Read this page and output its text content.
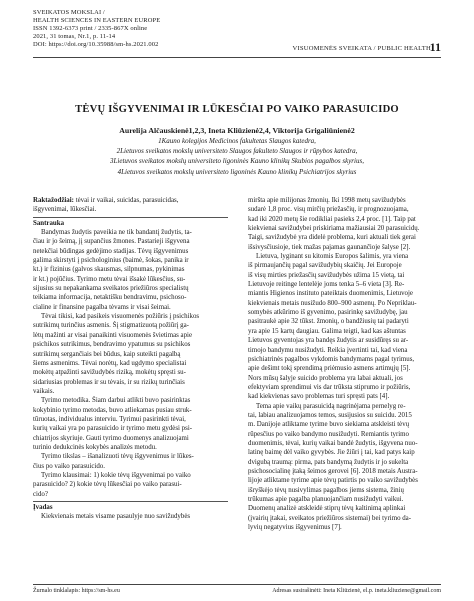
SVEIKATOS MOKSLAI /
HEALTH SCIENCES IN EASTERN EUROPE
ISSN 1392-6373 print / 2335-867X online
2021, 31 tomas, Nr.1, p. 11-14
DOI: https://doi.org/10.35988/sm-hs.2021.002
VISUOMENĖS SVEIKATA / PUBLIC HEALTH
11
TĖVŲ IŠGYVENIMAI IR LŪKESČIAI PO VAIKO PARASUICIDO
Aurelija Alčauskienė1,2,3, Ineta Kliūzienė2,4, Viktorija Grigaliūnienė2
1Kauno kolegijos Medicinos fakultetas Slaugos katedra,
2Lietuvos sveikatos mokslų universiteto Slaugos fakulteto Slaugos ir rūpybos katedra,
3Lietuvos sveikatos mokslų universiteto ligoninės Kauno klinikų Skubios pagalbos skyrius,
4Lietuvos sveikatos mokslų universiteto ligoninės Kauno klinikų Psichiatrijos skyrius

Raktažodžiai: tėvai ir vaikai, suicidas, parasuicidas,

išgyvenimai, lūkesčiai.

Santrauka

Bandymas žudytis paveikia ne tik bandantį žudytis, ta-

čiau ir jo šeimą, jį supančius žmones. Pastarieji išgyvena

netekčiai būdingas gedėjimo stadijas. Tėvų išgyvenimus

galima skirstyti į psichologinius (baimė, šokas, panika ir

kt.) ir fizinius (galvos skausmas, silpnumas, pykinimas

ir kt.) pojūčius. Tyrimo metu tėvai išsakė lūkesčius, su-

sijusius su nepakankama sveikatos priežiūros specialistų

teikiama informacija, netaktišku bendravimu, psichoso-

cialine ir finansine pagalba tėvams ir visai šeimai.

Tėvai tikisi, kad pasikeis visuomenės požiūris į psichikos

sutrikimų turinčius asmenis. Šį stigmatizuotą požiūrį ga-

lėtų mažinti ar visai panaikinti visuomenės švietimas apie

psichikos sutrikimus, bendravimo ypatumus su psichikos

sutrikimų sergančiais bei būdus, kaip suteikti pagalbą

šiems asmenims. Tėvai norėtų, kad ugdymo specialistai

mokėtų atpažinti savižudybės riziką, mokėtų spręsti su-

sidariusias problemas ir su tėvais, ir su rizikų turinčiais

vaikais.

Tyrimo metodika. Šiam darbui atlikti buvo pasirinktas

kokybinio tyrimo metodas, buvo atliekamas pusiau struk-

tūruotas, individualus interviu. Tyrimui pasirinkti tėvai,

kurių vaikai yra po parasuicido ir tyrimo metu gydėsi psi-

chiatrijos skyriuje. Gauti tyrimo duomenys analizuojami

turinio dedukcinės kokybės analizės metodu.

Tyrimo tikslas – išanalizuoti tėvų išgyvenimus ir lūkes-

čius po vaiko parasuicido.

Tyrimo klausimai: 1) kokie tėvų išgyvenimai po vaiko

parasuicido? 2) kokie tėvų lūkesčiai po vaiko parasui-

cido?

Įvadas

Kiekvienais metais visame pasaulyje nuo savižudybės

miršta apie milijonas žmonių. Iki 1998 metų savižudybės

sudarė 1,8 proc. visų mirčių priežasčių, ir prognozuojama,

kad iki 2020 metų šie rodikliai pasieks 2,4 proc. [1]. Taip pat

kiekvienai savižudybei priskiriama mažiausiai 20 parasuicidų.

Taigi, savižudybė yra didelė problema, kuri aktuali tiek gerai

išsivysčiusioje, tiek mažas pajamas gaunančioje šalyse [2].

Lietuva, lyginant su kitomis Europos šalimis, yra viena

iš pirmaujančių pagal savižudybių skaičių. Jei Europoje

iš visų mirties priežasčių savižudybės užima 15 vietą, tai

Lietuvoje reitinge lentelėje joms tenka 5–6 vieta [3]. Re-

miantis Higienos instituto pateiktais duomenimis, Lietuvoje

kiekvienais metais nusižudo 800–900 asmenų. Po Nepriklau-

somybės atkūrimo iš gyvenimo, pasirinkę savižudybę, jau

pasitraukė apie 32 tūkst. žmonių, o bandžiusių tai padaryti

yra apie 15 kartų daugiau. Galima teigti, kad kas aštuntas

Lietuvos gyventojas yra bandęs žudytis ar susidūręs su ar-

timojo bandymu nusižudyti. Reikia įvertinti tai, kad viena

psichiatrinės pagalbos vykdomis bandymams pagal tyrimus,

apie dešimt tokį sprendimą priėmusio asmens artimųjų [5].

Nors mūsų šalyje suicido problema yra labai aktuali, jos

efektyviam sprendimui vis dar trūksta stiprumo ir požiūris,

kad kiekvienas savo problemas turi spręsti pats [4].

Tema apie vaikų parasuicidą nagrinėjama pernelyg re-

tai, labiau analizuojamos temos, susijusios su suicidu. 2015

m. Danijoje atliktame tyrime buvo siekiama atskleisti tėvų

rūpesčius po vaiko bandymo nusižudyti. Remiantis tyrimo

duomenimis, tėvai, kurių vaikai bandė žudytis, išgyvena nuo-

latinę baimę dėl vaiko gyvybės. Jie žiūri į tai, kad patys kaip

dvigubą traumą: pirma, pats bandymą žudytis ir jo sukelta

psichosocialinę įtaką šeimos gerovei [6]. 2018 metais Austra-

lijoje atliktame tyrime apie tėvų patirtis po vaiko savižudybės

išryškėjo tėvų nusivylimas pagalbos jiems sistema, žinių

trūkumas apie pagalba planuojančiam nusižudyti vaikui.

Duomenų analizė atskleidė stiprų tėvų kaltinimą aplinkai

(įvairių įtakai, sveikatos priežiūros sistemai) bei tyrimo da-

lyvių negatyvius išgyvenimus [7].

Žurnalo tinklalapis: https://sm-hs.eu	Adresas susirašinėti: Ineta Kliūzienė, el.p. ineta.kliuziene@gmail.com
